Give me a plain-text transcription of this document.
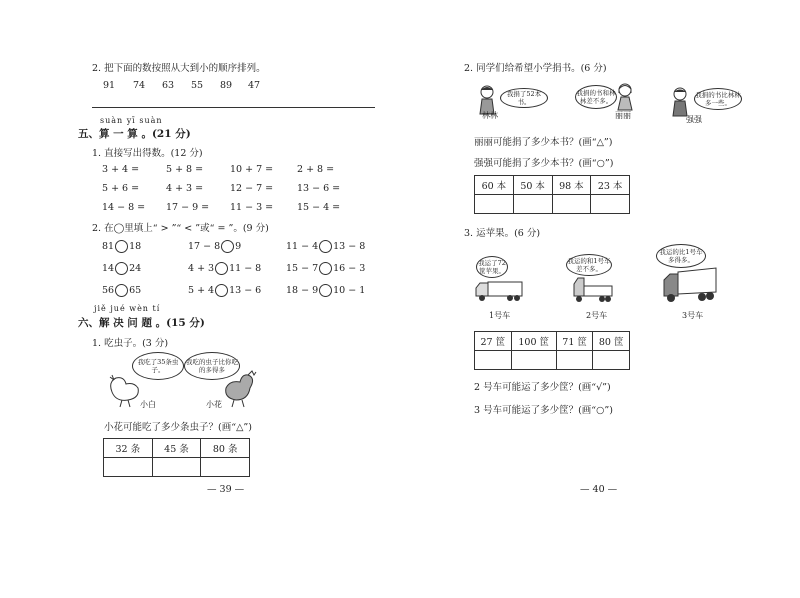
2. 把下面的数按照从大到小的顺序排列。
91 74 63 55 89 47
suàn yī suàn
五、算 一 算 。(21 分)
1. 直接写出得数。(12 分)
3 + 4 =	5 + 8 =	10 + 7 =	2 + 8 =
5 + 6 =	4 + 3 =	12 − 7 =	13 − 6 =
14 − 8 = 17 − 9 = 11 − 3 =	15 − 4 =
2. 在◯里填上“ > ”“ < ”或“ = ”。(9 分)
81 18	17 − 8 9	11 − 4 13 − 8
14 24	4 + 3 11 − 8	15 − 7 16 − 3
56 65	5 + 4 13 − 6	18 − 9 10 − 1
jiě jué wèn tí
六、解 决 问 题 。(15 分)
1. 吃虫子。(3 分)
我吃了35条虫子。
我吃的虫子比你吃的多得多
小白	小花
小花可能吃了多少条虫子？(画“△”)
32 条	45 条	80 条

— 39 —
2. 同学们给希望小学捐书。(6 分)
我捐了52本书。
林林
我捐的书和林林差不多。
丽丽
我捐的书比林林多一些。
强强
丽丽可能捐了多少本书？(画“△”)
强强可能捐了多少本书？(画“○”)
60 本	50 本	98 本	23 本

3. 运苹果。(6 分)
我运了72筐苹果。
1号车
我运的和1号车差不多。
2号车
我运的比1号车多得多。
3号车
27 筐	100 筐	71 筐	80 筐

2 号车可能运了多少筐？(画“√”)
3 号车可能运了多少筐？(画“○”)
— 40 —
